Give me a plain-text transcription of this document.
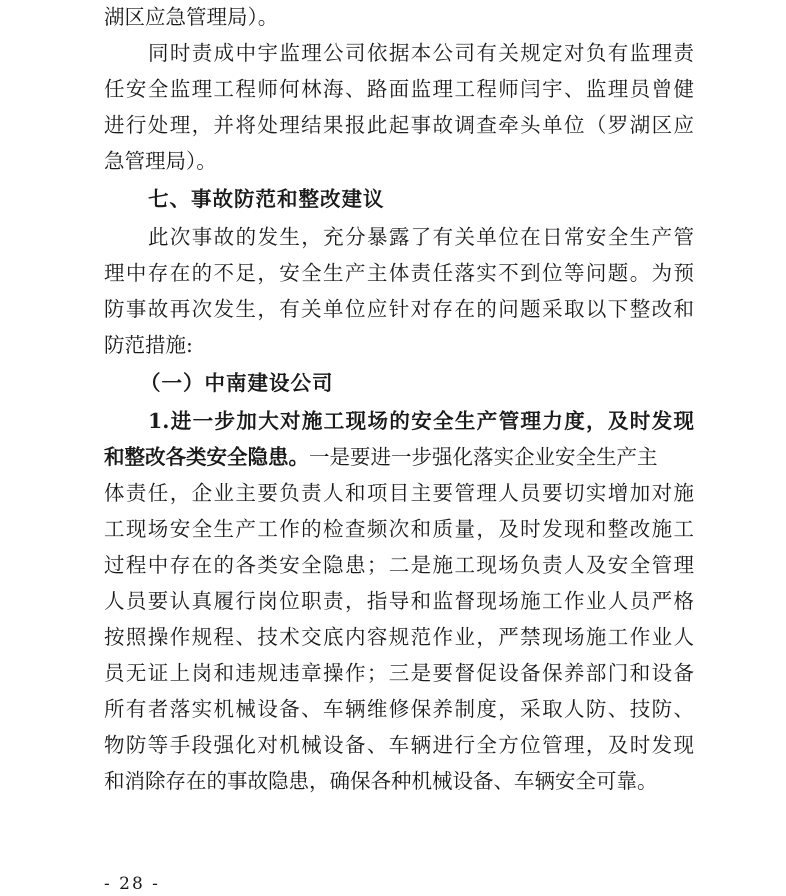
湖区应急管理局）。
同时责成中宇监理公司依据本公司有关规定对负有监理责
任安全监理工程师何林海、路面监理工程师闫宇、监理员曾健
进行处理，并将处理结果报此起事故调查牵头单位（罗湖区应
急管理局）。
七、事故防范和整改建议
此次事故的发生，充分暴露了有关单位在日常安全生产管
理中存在的不足，安全生产主体责任落实不到位等问题。为预
防事故再次发生，有关单位应针对存在的问题采取以下整改和
防范措施:
（一）中南建设公司
1.进一步加大对施工现场的安全生产管理力度，及时发现
和整改各类安全隐患。一是要进一步强化落实企业安全生产主
体责任，企业主要负责人和项目主要管理人员要切实增加对施
工现场安全生产工作的检查频次和质量，及时发现和整改施工
过程中存在的各类安全隐患；二是施工现场负责人及安全管理
人员要认真履行岗位职责，指导和监督现场施工作业人员严格
按照操作规程、技术交底内容规范作业，严禁现场施工作业人
员无证上岗和违规违章操作；三是要督促设备保养部门和设备
所有者落实机械设备、车辆维修保养制度，采取人防、技防、
物防等手段强化对机械设备、车辆进行全方位管理，及时发现
和消除存在的事故隐患，确保各种机械设备、车辆安全可靠。
- 28 -
